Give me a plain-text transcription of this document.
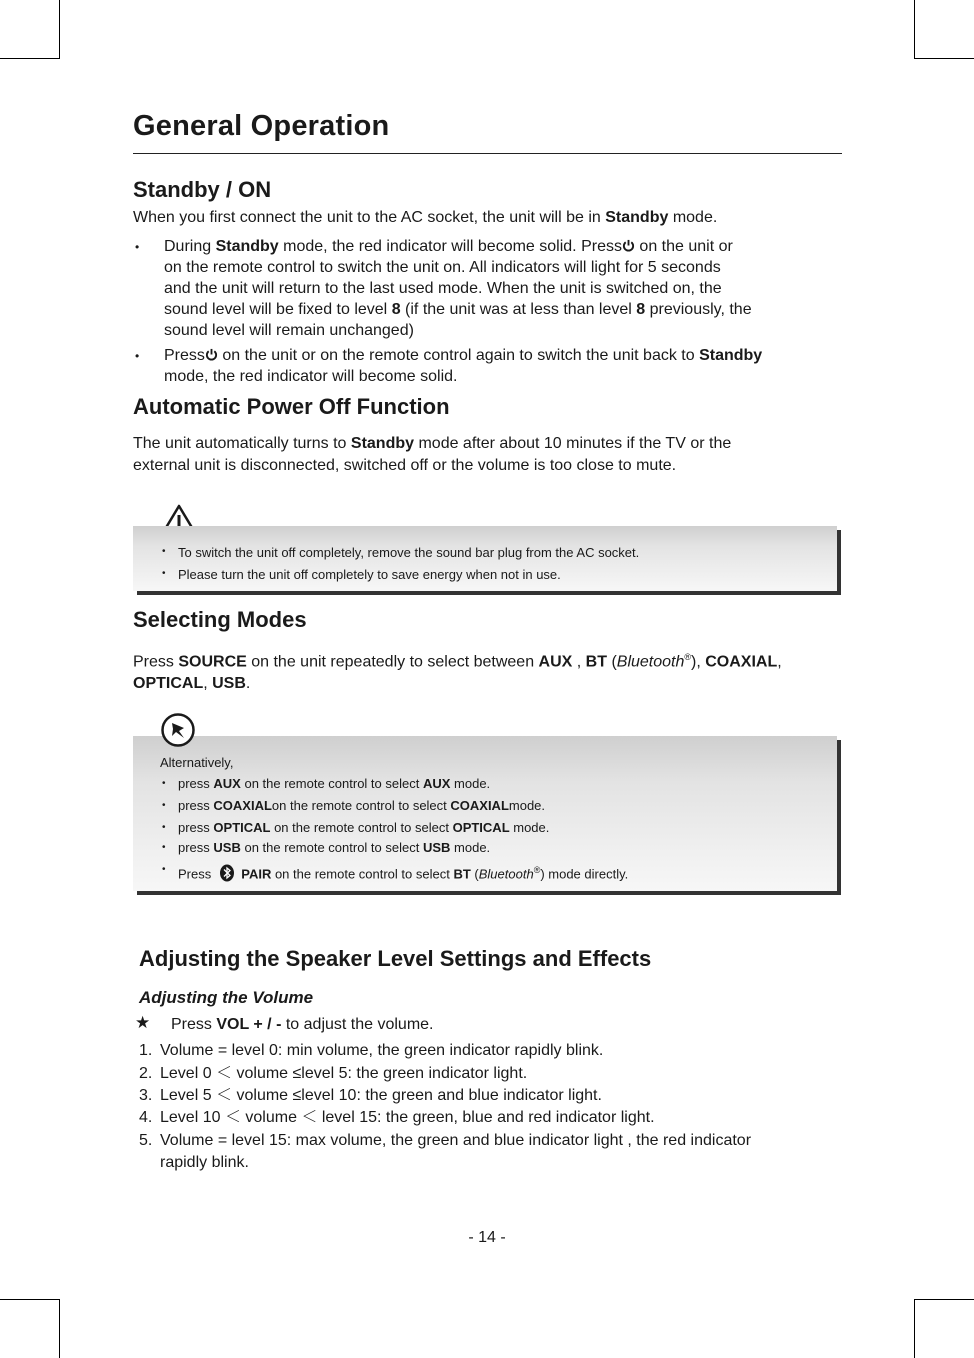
General Operation
Standby / ON
When you first connect the unit to the AC socket, the unit will be in Standby mode.
• During Standby mode, the red indicator will become solid. Press on the unit or
on the remote control to switch the unit on. All indicators will light for 5 seconds
and the unit will return to the last used mode. When the unit is switched on, the
sound level will be fixed to level 8 (if the unit was at less than level 8 previously, the
sound level will remain unchanged)
• Press on the unit or on the remote control again to switch the unit back to Standby
mode, the red indicator will become solid.
Automatic Power Off Function
The unit automatically turns to Standby mode after about 10 minutes if the TV or the
external unit is disconnected, switched off or the volume is too close to mute.
• To switch the unit off completely, remove the sound bar plug from the AC socket.
• Please turn the unit off completely to save energy when not in use.
Selecting Modes
Press SOURCE on the unit repeatedly to select between AUX , BT (Bluetooth®), COAXIAL,
OPTICAL, USB.
Alternatively,
• press AUX on the remote control to select AUX mode.
• press COAXIALon the remote control to select COAXIALmode.
• press OPTICAL on the remote control to select OPTICAL mode.
• press USB on the remote control to select USB mode.
• Press PAIR on the remote control to select BT (Bluetooth®) mode directly.
Adjusting the Speaker Level Settings and Effects
Adjusting the Volume
★ Press VOL + / - to adjust the volume.
1. Volume = level 0: min volume, the green indicator rapidly blink.
2. Level 0 ＜ volume ≤level 5: the green indicator light.
3. Level 5 ＜ volume ≤level 10: the green and blue indicator light.
4. Level 10 ＜ volume ＜ level 15: the green, blue and red indicator light.
5. Volume = level 15: max volume, the green and blue indicator light , the red indicator
rapidly blink.
- 14 -
